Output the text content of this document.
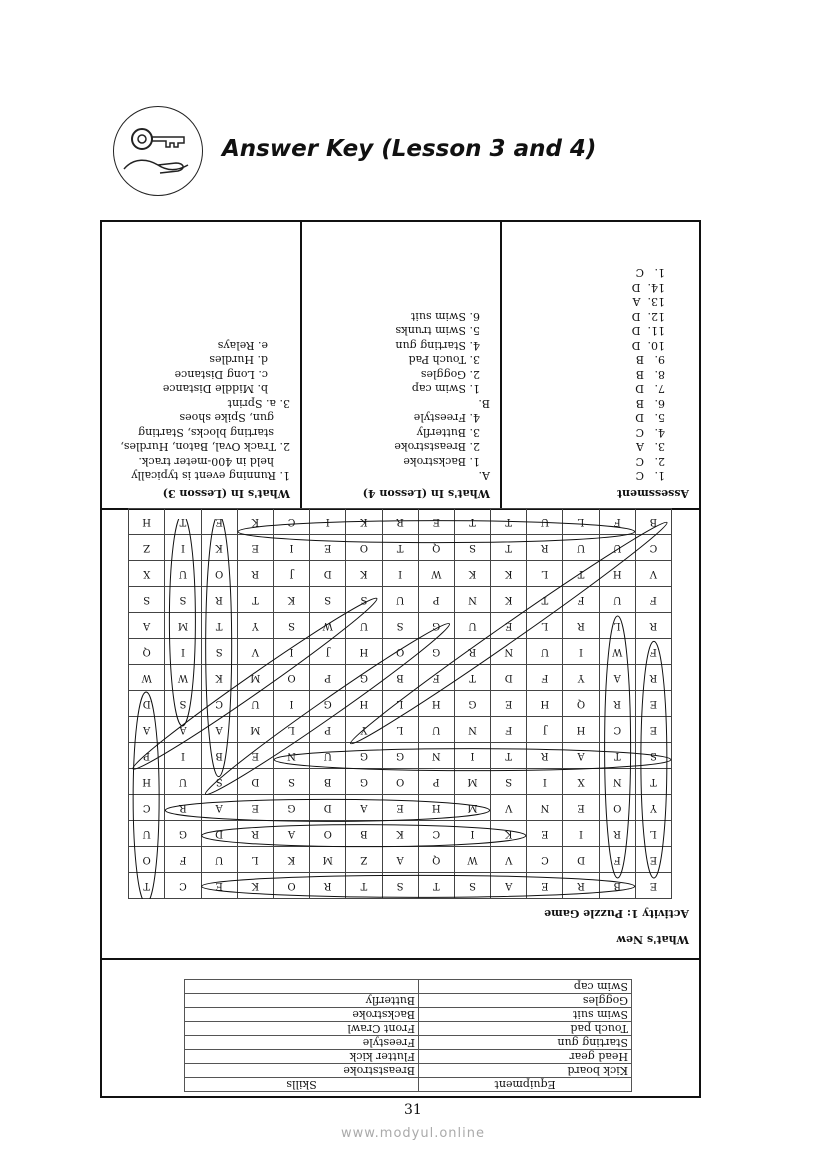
Answer Key (Lesson 3 and 4)
Equipment	Skills
Kick board	Breaststroke
Head gear	Flutter kick
Starting gun	Freestyle
Touch pad	Front Crawl
Swim suit	Backstroke
Goggles	Butterfly
Swim cap	
What's New
Activity 1: Puzzle Game
E	B	R	E	A	S	T	S	T	R	O	K	E	C	T
E	F	D	C	V	W	Q	A	Z	M	K	L	U	F	O
L	R	I	E	K	I	C	K	B	O	A	R	D	G	U
Y	O	E	N	V	M	H	E	A	D	G	E	A	R	C
T	N	X	I	S	M	P	O	G	B	S	D	S	U	H
S	T	A	R	T	I	N	G	G	U	N	E	B	I	P
E	C	H	J	F	N	U	L	Y	P	L	M	A	A	A
E	R	Q	H	E	G	H	L	H	G	I	U	C	S	D
R	A	Y	F	D	T	F	B	G	P	O	M	K	W	W
F	W	I	U	N	R	G	O	H	J	I	V	S	I	Q
R	L	R	L	E	U	G	S	U	W	S	Y	T	M	A
F	U	F	T	K	N	P	U	S	S	K	T	R	S	S
V	H	T	L	K	K	W	I	K	D	J	R	O	U	X
C	U	U	R	T	S	Q	T	O	E	I	E	K	I	Z
B	F	L	U	T	T	E	R	K	I	C	K	E	T	H
Assessment
1.   C
2.   C
3.   A
4.   C
5.   D
6.   B
7.   D
8.   B
9.   B
10.  D
11.  D
12.  D
13.  A
14.  D
1.   C
What's In (Lesson 4)
A.
1. Backstroke
2. Breaststroke
3. Butterfly
4. Freestyle
B.
1. Swim cap
2. Goggles
3. Touch Pad
4. Starting gun
5. Swim trunks
6. Swim suit
What's In (Lesson 3)
1. Running event is typically held in 400-meter track.
2. Track Oval, Baton, Hurdles, starting blocks, Starting gun, Spike shoes
3. a. Sprint
b. Middle Distance
c. Long Distance
d. Hurdles
e. Relays
31
www.modyul.online
